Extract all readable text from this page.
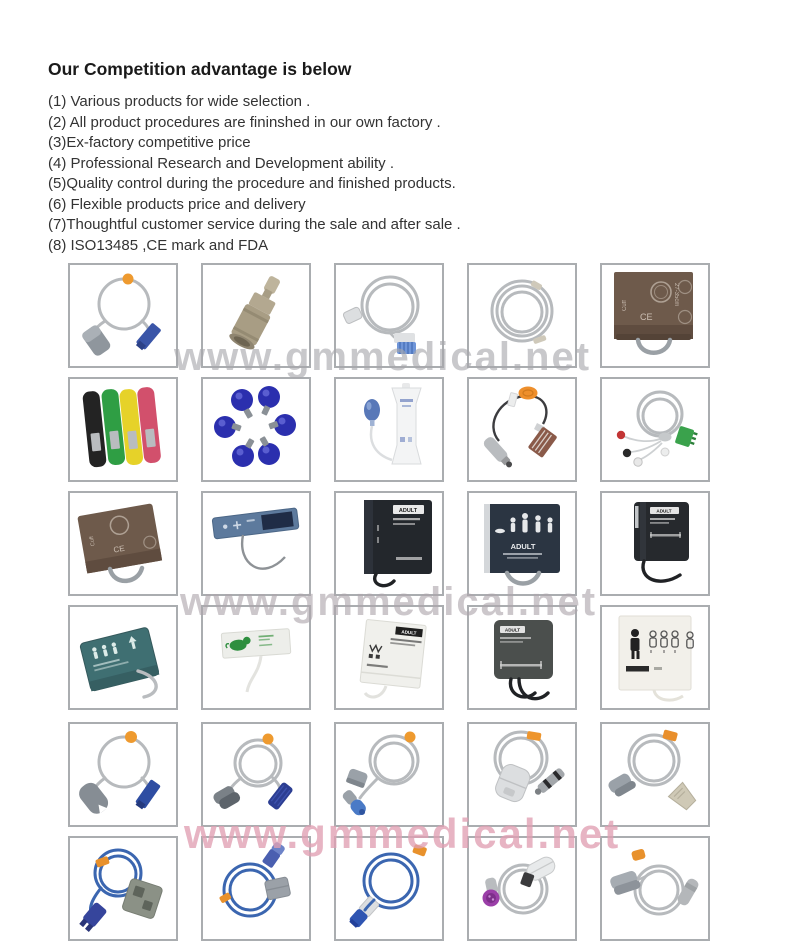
Our Competition advantage is below
(1) Various products for wide selection .
(2) All product procedures are fininshed in our own factory .
(3)Ex-factory competitive price
(4) Professional Research and Development ability .
(5)Quality control during the procedure and finished products.
(6) Flexible products price and delivery
(7)Thoughtful customer service during the sale and after sale .
(8) ISO13485 ,CE mark and FDA
www.gmmedical.net
www.gmmedical.net
www.gmmedical.net
27-35cm
Cuff
CE
CE
Cuff
ADULT
ADULT
ADULT
ADULT	ADULT
